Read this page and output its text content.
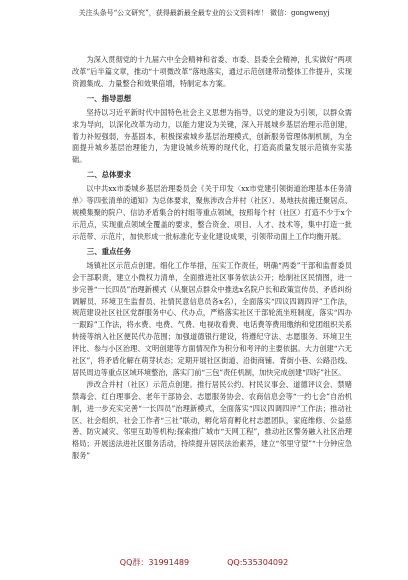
关注头条号“公文研究”，获得最新最全最专业的公文资料库！ 微信：gongwenyj

为深入贯彻党的十九届六中全会精神和省委、市委、县委全会精神，扎实做好“两项改革”后半篇文章，推动“十项微改革”落地落实，通过示范创建带动整体工作提升，实现资源集成、力量整合和效果倍增，特制定本方案。

一、指导思想

坚持以习近平新时代中国特色社会主义思想为指导，以党的建设为引领，以群众需求为导向，以深化改革为动力，以能力建设为关键，深入开展城乡基层治理示范创建，着力补短强弱，夯基固本，积极探索城乡基层治理模式，创新服务管理体制机制，为全面提升城乡基层治理能力，为建设城乡统筹的现代化，打造高质量发展示范镇夯实基础。

二、总体要求

以中共xx市委城乡基层治理委员会《关于印发〈xx市党建引领街道治理基本任务清单〉等四张清单的通知》为总体要求，聚焦涉改合并村（社区）、易地扶贫搬迁聚居点、规模集聚的院户、信访矛盾集合的村组等重点领域，按照每个村（社区）打造不少于x个示范点，实现重点领域全覆盖的要求，整合资金、项目、人才、技术等，集中打造一批示范带、示范片，加快形成一批标准化专业化建设成果，引领带动面上工作均衡开展。

三、重点任务

场镇社区示范点创建。细化工作举措，压实工作责任，明确“两委”干部和监督委员会干部职责，建立小微权力清单，全面推进社区事务依法公开；绘制社区民情图，进一步完善“一长四员”治理新模式（从聚居点群众中推选x名院户长和政策宣传员、矛盾纠纷调解员、环境卫生监督员、社情民意信息员各x名），全面落实“四议四调四评”工作法，规范建设社区社区党群服务中心、代办点，严格落实社区干部轮流坐班制度，落实“四办一跟踪”工作法，将水费、电费、气费、电视收看费、电话费等费用缴纳和党团组织关系转接等纳入社区便民代办范围；加强道德银行建设，将遵纪守法、志愿服务、环境卫生评比、参与小区治理、文明创建等方面情况作为积分和考评的主要依据。大力创建“六无社区”，将矛盾化解在萌芽状态；定期开展社区街道、沿街商铺、背街小巷、公路沿线、居民周边等重点区域环境整治，落实门前“三包”责任机制，加快完成创建“四好”社区。

涉改合并村（社区）示范点创建。推行居民公约、村民议事会、道德评议会、禁赌禁毒会、红白理事会、老年干部协会、志愿服务协会、农商信息会等“一约七会”自治机制，进一步充实完善“一长四员”治理新模式，全面落实“四议四调四评”工作法；推动社区、社会组织、社会工作者“三社”联动，孵化培育孵化村志愿团队，家庭维修、公益慈善、防灾减灾、邻里互助等机构;探索推广城市“天网工程”，推动社区警务融入社区治理格局；开展送法进社区服务活动，持续提升居民法治素养，建立“邻里守望”“十分钟应急服务”

QQ群：31991489	QQ:535304092
